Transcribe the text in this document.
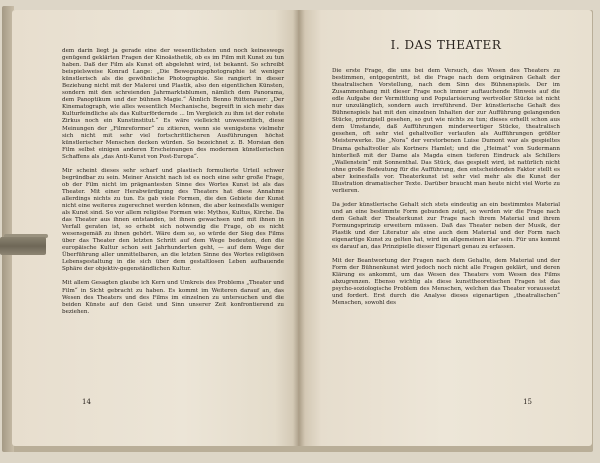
dem darin liegt ja gerade eine der wesentlichsten und noch keineswegs genügend geklärten Fragen der Kinoästhetik, ob es im Film mit Kunst zu tun haben. Daß der Film als Kunst oft abgelehnt wird, ist bekannt. So schreibt beispielsweise Konrad Lange: „Die Bewegungsphotographie ist weniger künstlerisch als die gewöhnliche Photographie. Sie rangiert in dieser Beziehung nicht mit der Malerei und Plastik, also den eigentlichen Künsten, sondern mit den schreienden Jahrmarktsblumen, nämlich dem Panorama, dem Panoptikum und der bühnen Magie.“ Ähnlich Benno Rüttenauer: „Der Kinematograph, wie alles wesentlich Mechanische, begreift in sich mehr das Kulturfeindliche als das Kulturfördernde ... Im Vergleich zu ihm ist der rohste Zirkus noch ein Kunstinstitut.“ Es wäre vielleicht unwesentlich, diese Meinungen der „Filmreformer“ zu zitieren, wenn sie wenigstens vielmehr sich nicht mit sehr viel fortschrittlicheren Ausführungen höchst künstlerischer Menschen decken würden. So bezeichnet z. B. Morsian den Film selbst einigen anderen Erscheinungen des modernen künstlerischen Schaffens als „das Anti-Kunst von Post-Europa“.

Mir scheint dieses sehr scharf und plastisch formulierte Urteil schwer begründbar zu sein. Meiner Ansicht nach ist es noch eine sehr große Frage, ob der Film nicht im prägnantesten Sinne des Wortes Kunst ist als das Theater. Mit einer Herabwürdigung des Theaters hat diese Annahme allerdings nichts zu tun. Es gab viele Formen, die den Gebiete der Kunst nicht eine weiteres zugerechnet werden können, die aber keinesfalls weniger als Kunst sind. So vor allem religiöse Formen wie: Mythos, Kultus, Kirche. Da das Theater aus ihnen entstanden, ist ihnen gewachsen und mit ihnen in Verfall geraten ist, so erhebt sich notwendig die Frage, ob es nicht wesensgemäß zu ihnen gehört. Wäre dem so, so würde der Sieg des Films über das Theater den letzten Schritt auf dem Wege bedeuten, den die europäische Kultur schon seit Jahrhunderten geht, — auf dem Wege der Überführung aller unmittelbaren, an die letzten Sinne des Wortes religiösen Lebensgestaltung in die sich über dem gestaltlosen Leben aufbauende Sphäre der objektiv-gegenständlichen Kultur.

Mit allem Gesagten glaube ich Kern und Umkreis des Problems „Theater und Film“ in Sicht gebracht zu haben. Es kommt im Weiteren darauf an, das Wesen des Theaters und des Films im einzelnen zu untersuchen und die beiden Künste auf den Geist und Sinn unserer Zeit konfrontierend zu beziehen.

14
I. DAS THEATER

Die erste Frage, die uns bei dem Versuch, das Wesen des Theaters zu bestimmen, entgegentritt, ist die Frage nach dem originären Gehalt der theatralischen Vorstellung, nach dem Sinn des Bühnenspiels. Der im Zusammenhang mit dieser Frage noch immer auftauchende Hinweis auf die edle Aufgabe der Vermittlung und Popularisierung wertvoller Stücke ist nicht nur unzulänglich, sondern auch irreführend. Der künstlerische Gehalt des Bühnenspiels hat mit den einzelnen Inhalten der zur Aufführung gelangenden Stücke, prinzipiell gesehen, so gut wie nichts zu tun; dieses erhellt schon aus dem Umstande, daß Aufführungen minderwertiger Stücke, theatralisch gesehen, oft sehr viel gehaltvoller verlaufen als Aufführungen größter Meisterwerke. Die „Nora“ der verstorbenen Luise Dumont war als gespieltes Drama gehaltvoller als Kortners Hamlet; und die „Heimat“ von Sudermann hinterließ mit der Dame als Magda einen tieferen Eindruck als Schillers „Wallenstein“ mit Sonnenthal. Das Stück, das gespielt wird, ist natürlich nicht ohne große Bedeutung für die Aufführung, den entscheidenden Faktor stellt es aber keinesfalls vor. Theaterkunst ist sehr viel mehr als die Kunst der Illustration dramatischer Texte. Darüber braucht man heute nicht viel Worte zu verlieren.

Da jeder künstlerische Gehalt sich stets eindeutig an ein bestimmtes Material und an eine bestimmte Form gebunden zeigt, so werden wir die Frage nach dem Gehalt der Theaterkunst zur Frage nach ihrem Material und ihrem Formungsprinzip erweitern müssen. Daß das Theater neben der Musik, der Plastik und der Literatur als eine auch dem Material und der Form nach eigenartige Kunst zu gelten hat, wird im allgemeinen klar sein. Für uns kommt es darauf an, das Prinzipielle dieser Eigenart genau zu erfassen.

Mit der Beantwortung der Fragen nach dem Gehalte, dem Material und der Form der Bühnenkunst wird jedoch noch nicht alle Fragen geklärt, und deren Klärung es ankommt, um das Wesen des Theaters vom Wesen des Films abzugrenzen. Ebenso wichtig als diese kunsttheoretischen Fragen ist das psycho-soziologische Problem des Menschen, welchen das Theater voraussetzt und fordert. Erst durch die Analyse dieses eigenartigen „theatralischen“ Menschen, sowohl des

15
